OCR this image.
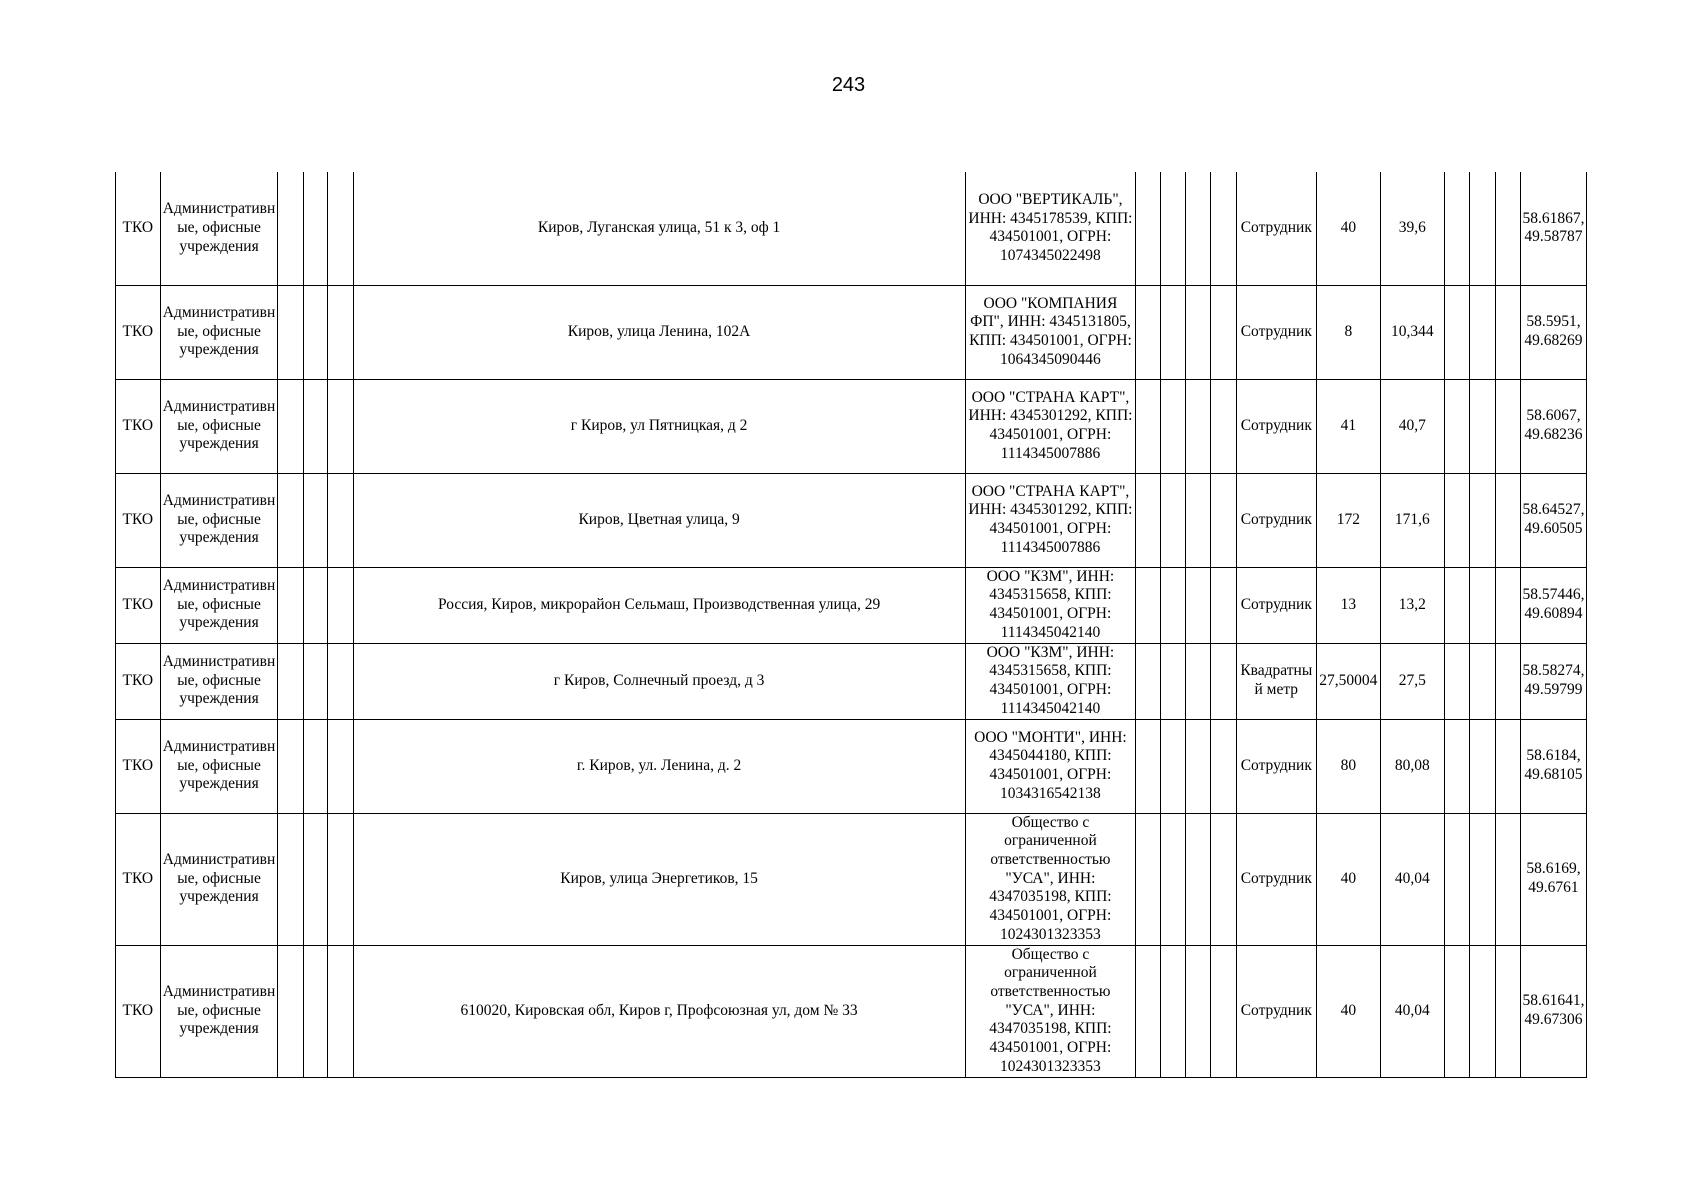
243
ТКО	Административные, офисные учреждения				Киров, Луганская улица, 51 к 3, оф 1	ООО "ВЕРТИКАЛЬ", ИНН: 4345178539, КПП: 434501001, ОГРН: 1074345022498					Сотрудник	40	39,6				58.61867, 49.58787
ТКО	Административные, офисные учреждения				Киров, улица Ленина, 102А	ООО "КОМПАНИЯ ФП", ИНН: 4345131805, КПП: 434501001, ОГРН: 1064345090446					Сотрудник	8	10,344				58.5951, 49.68269
ТКО	Административные, офисные учреждения				г Киров, ул Пятницкая, д 2	ООО "СТРАНА КАРТ", ИНН: 4345301292, КПП: 434501001, ОГРН: 1114345007886					Сотрудник	41	40,7				58.6067, 49.68236
ТКО	Административные, офисные учреждения				Киров, Цветная улица, 9	ООО "СТРАНА КАРТ", ИНН: 4345301292, КПП: 434501001, ОГРН: 1114345007886					Сотрудник	172	171,6				58.64527, 49.60505
ТКО	Административные, офисные учреждения				Россия, Киров, микрорайон Сельмаш, Производственная улица, 29	ООО "КЗМ", ИНН: 4345315658, КПП: 434501001, ОГРН: 1114345042140					Сотрудник	13	13,2				58.57446, 49.60894
ТКО	Административные, офисные учреждения				г Киров, Солнечный проезд, д 3	ООО "КЗМ", ИНН: 4345315658, КПП: 434501001, ОГРН: 1114345042140					Квадратный метр	27,50004	27,5				58.58274, 49.59799
ТКО	Административные, офисные учреждения				г. Киров, ул. Ленина, д. 2	ООО "МОНТИ", ИНН: 4345044180, КПП: 434501001, ОГРН: 1034316542138					Сотрудник	80	80,08				58.6184, 49.68105
ТКО	Административные, офисные учреждения				Киров, улица Энергетиков, 15	Общество с ограниченной ответственностью "УСА", ИНН: 4347035198, КПП: 434501001, ОГРН: 1024301323353					Сотрудник	40	40,04				58.6169, 49.6761
ТКО	Административные, офисные учреждения				610020, Кировская обл, Киров г, Профсоюзная ул, дом № 33	Общество с ограниченной ответственностью "УСА", ИНН: 4347035198, КПП: 434501001, ОГРН: 1024301323353					Сотрудник	40	40,04				58.61641, 49.67306
